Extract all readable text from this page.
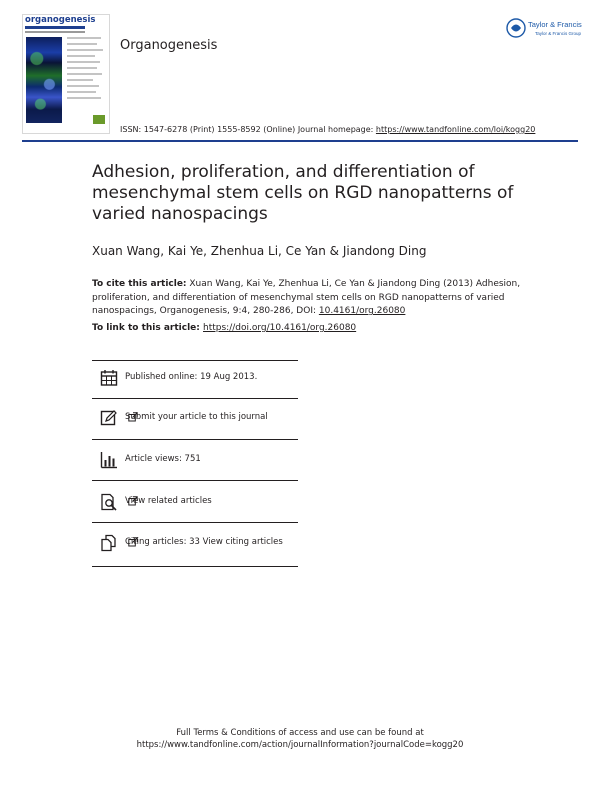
organogenesis
Organogenesis
Taylor & Francis
Taylor & Francis Group
ISSN: 1547-6278 (Print) 1555-8592 (Online) Journal homepage: https://www.tandfonline.com/loi/kogg20
Adhesion, proliferation, and differentiation of mesenchymal stem cells on RGD nanopatterns of varied nanospacings
Xuan Wang, Kai Ye, Zhenhua Li, Ce Yan & Jiandong Ding
To cite this article: Xuan Wang, Kai Ye, Zhenhua Li, Ce Yan & Jiandong Ding (2013) Adhesion, proliferation, and differentiation of mesenchymal stem cells on RGD nanopatterns of varied nanospacings, Organogenesis, 9:4, 280-286, DOI: 10.4161/org.26080
To link to this article: https://doi.org/10.4161/org.26080
Published online: 19 Aug 2013.
Submit your article to this journal
Article views: 751
View related articles
Citing articles: 33 View citing articles
Full Terms & Conditions of access and use can be found at
https://www.tandfonline.com/action/journalInformation?journalCode=kogg20
